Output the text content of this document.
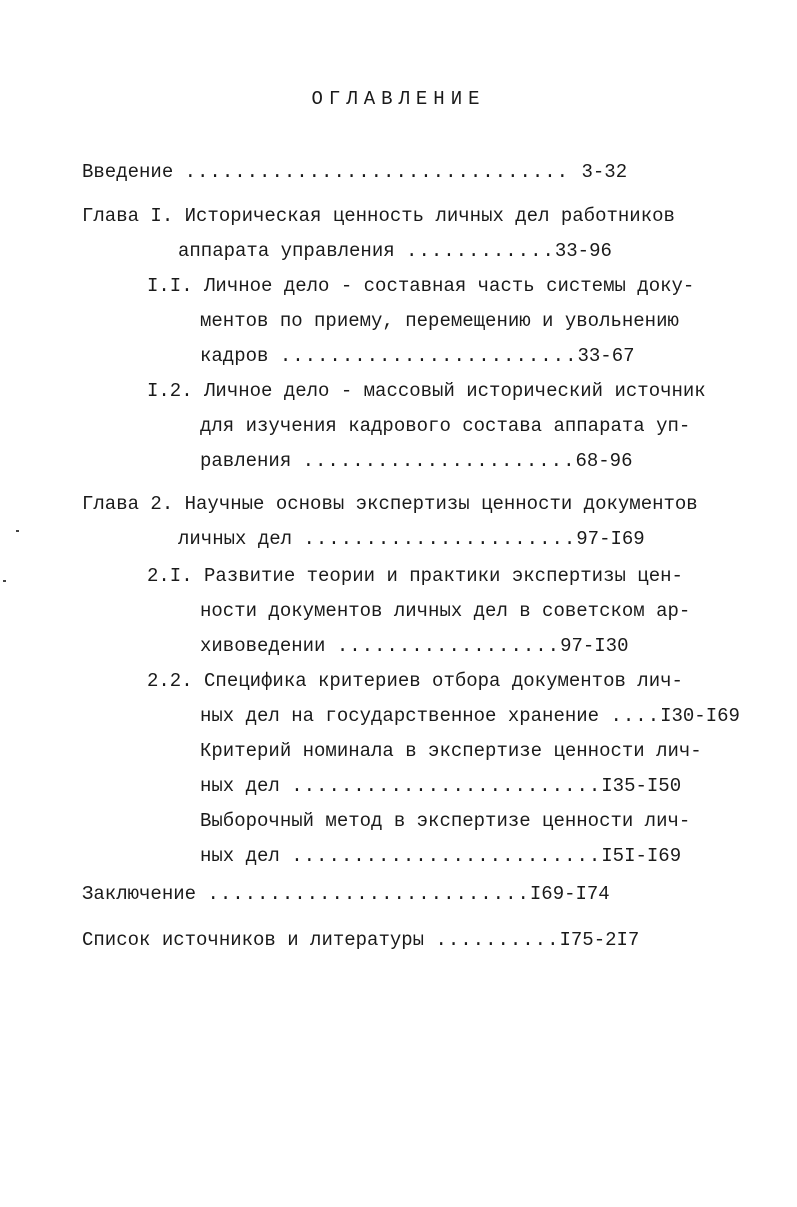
ОГЛАВЛЕНИЕ
Введение ............................... 3-32
Глава I. Историческая ценность личных дел работников
аппарата управления ............33-96
I.I. Личное дело - составная часть системы доку-
ментов по приему, перемещению и увольнению
кадров ........................33-67
I.2. Личное дело - массовый исторический источник
для изучения кадрового состава аппарата уп-
равления ......................68-96
Глава 2. Научные основы экспертизы ценности документов
личных дел ......................97-I69
2.I. Развитие теории и практики экспертизы цен-
ности документов личных дел в советском ар-
хивоведении ..................97-I30
2.2. Специфика критериев отбора документов лич-
ных дел на государственное хранение ....I30-I69
Критерий номинала в экспертизе ценности лич-
ных дел .........................I35-I50
Выборочный метод в экспертизе ценности лич-
ных дел .........................I5I-I69
Заключение ..........................I69-I74
Список источников и литературы ..........I75-2I7
